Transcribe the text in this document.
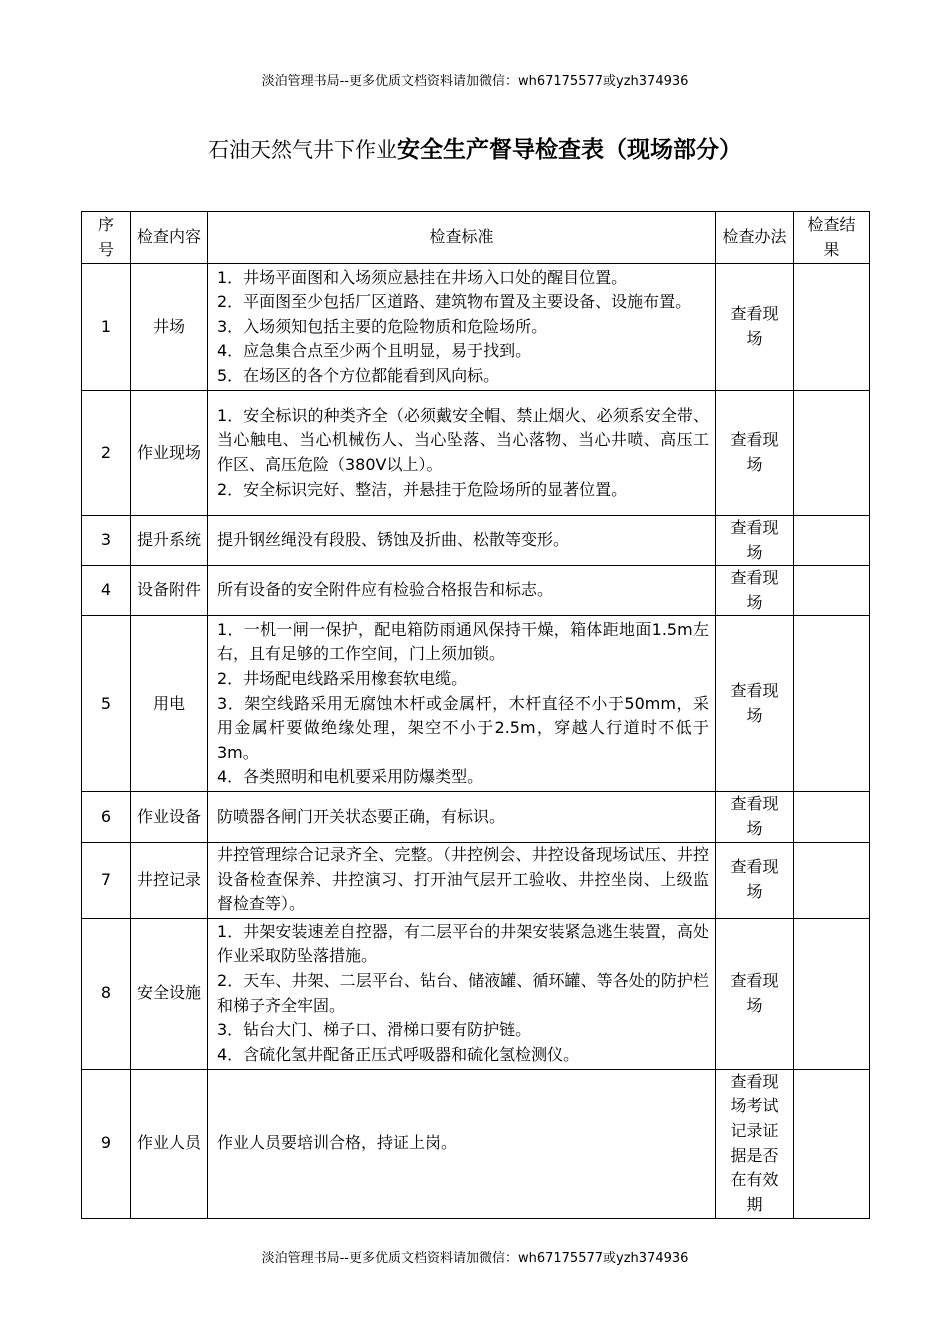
淡泊管理书局--更多优质文档资料请加微信：wh67175577或yzh374936
石油天然气井下作业安全生产督导检查表（现场部分）
序号	检查内容	检查标准	检查办法	检查结果
1	井场	1．井场平面图和入场须应悬挂在井场入口处的醒目位置。
2．平面图至少包括厂区道路、建筑物布置及主要设备、设施布置。
3．入场须知包括主要的危险物质和危险场所。
4．应急集合点至少两个且明显，易于找到。
5．在场区的各个方位都能看到风向标。	查看现场	
2	作业现场	1．安全标识的种类齐全（必须戴安全帽、禁止烟火、必须系安全带、当心触电、当心机械伤人、当心坠落、当心落物、当心井喷、高压工作区、高压危险（380V以上）。
2．安全标识完好、整洁，并悬挂于危险场所的显著位置。	查看现场	
3	提升系统	提升钢丝绳没有段股、锈蚀及折曲、松散等变形。	查看现场	
4	设备附件	所有设备的安全附件应有检验合格报告和标志。	查看现场	
5	用电	1．一机一闸一保护，配电箱防雨通风保持干燥，箱体距地面1.5m左右，且有足够的工作空间，门上须加锁。
2．井场配电线路采用橡套软电缆。
3．架空线路采用无腐蚀木杆或金属杆，木杆直径不小于50mm，采用金属杆要做绝缘处理，架空不小于2.5m，穿越人行道时不低于3m。
4．各类照明和电机要采用防爆类型。	查看现场	
6	作业设备	防喷器各闸门开关状态要正确，有标识。	查看现场	
7	井控记录	井控管理综合记录齐全、完整。（井控例会、井控设备现场试压、井控设备检查保养、井控演习、打开油气层开工验收、井控坐岗、上级监督检查等）。	查看现场	
8	安全设施	1．井架安装速差自控器，有二层平台的井架安装紧急逃生装置，高处作业采取防坠落措施。
2．天车、井架、二层平台、钻台、储液罐、循环罐、等各处的防护栏和梯子齐全牢固。
3．钻台大门、梯子口、滑梯口要有防护链。
4．含硫化氢井配备正压式呼吸器和硫化氢检测仪。	查看现场	
9	作业人员	作业人员要培训合格，持证上岗。	查看现场考试记录证据是否在有效期	
淡泊管理书局--更多优质文档资料请加微信：wh67175577或yzh374936
